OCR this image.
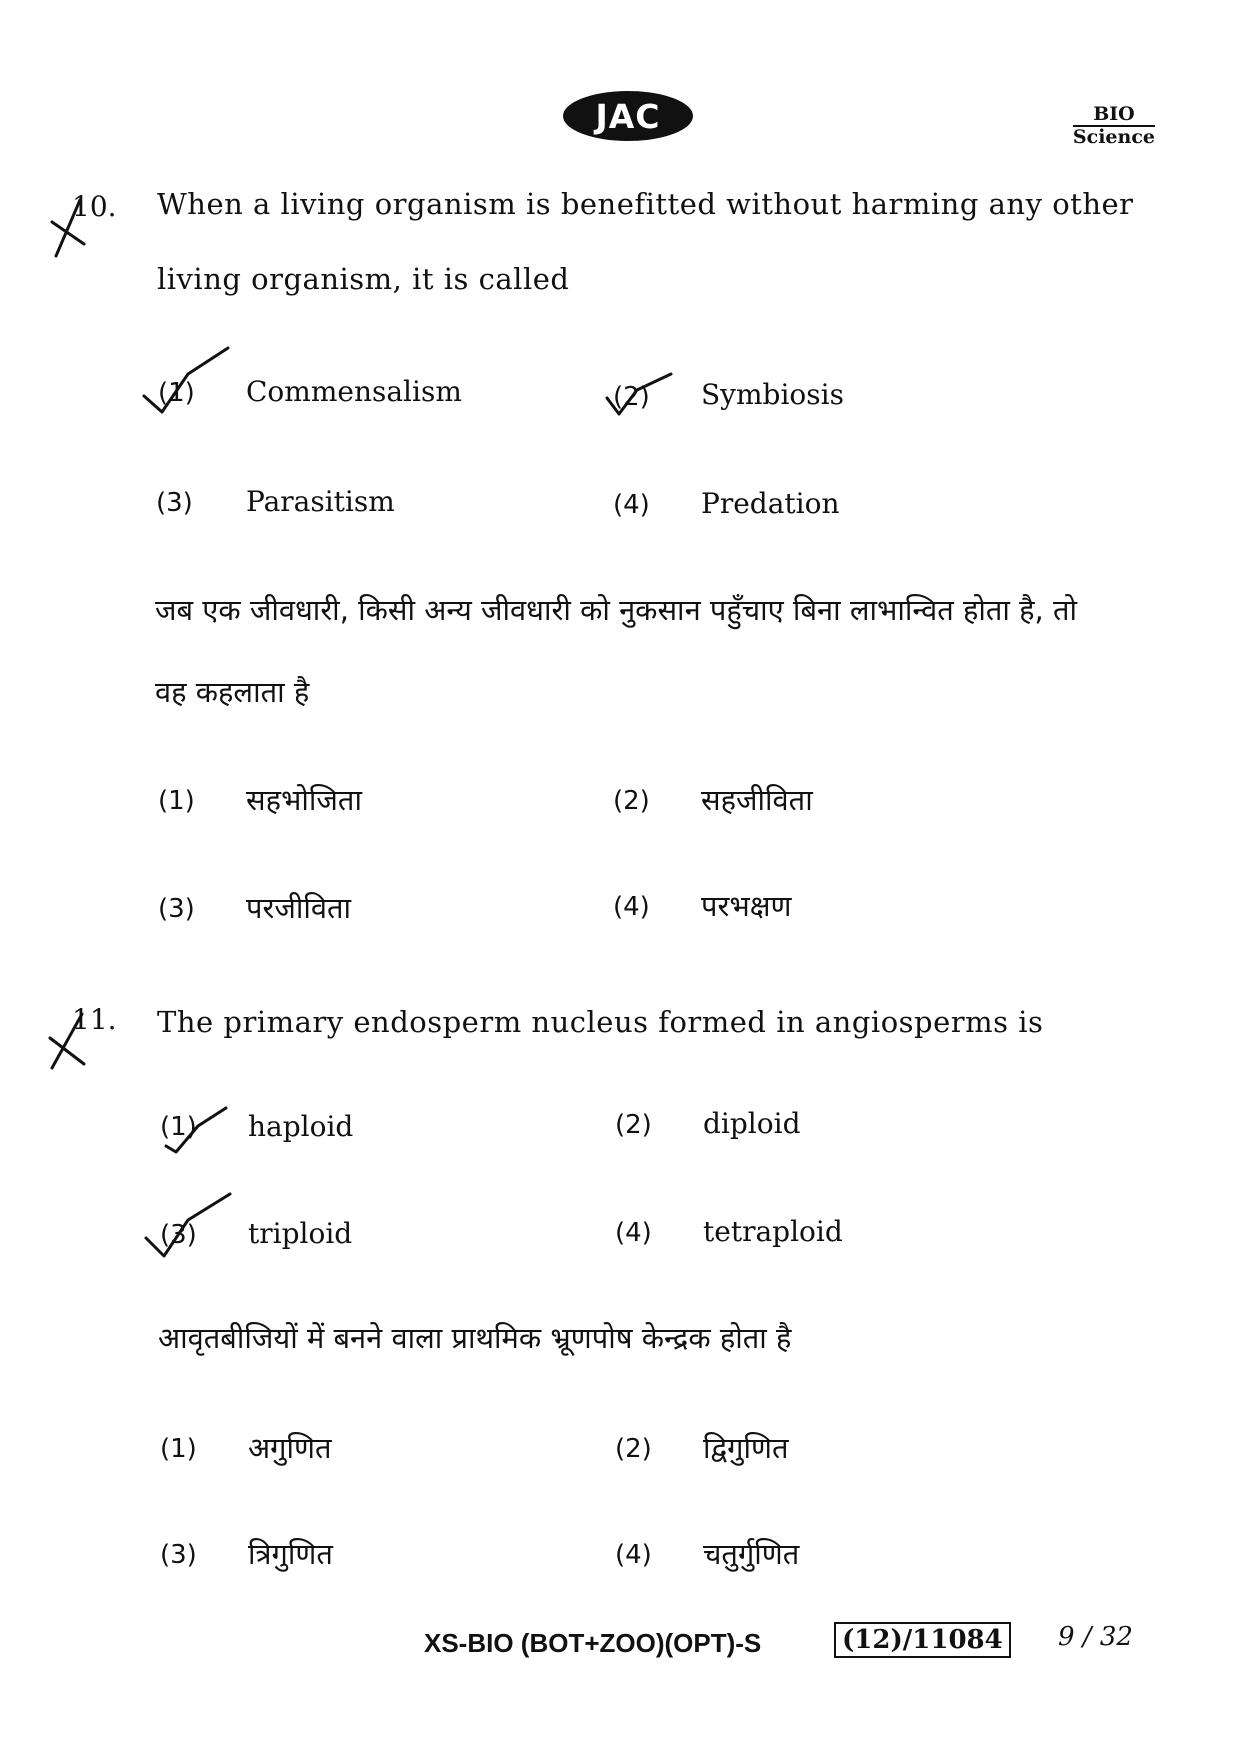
JAC	BIO
Science
10. When a living organism is benefitted without harming any other
living organism, it is called
(1) Commensalism	(2) Symbiosis
(3) Parasitism	(4) Predation
जब एक जीवधारी, किसी अन्य जीवधारी को नुकसान पहुँचाए बिना लाभान्वित होता है, तो
वह कहलाता है
(1) सहभोजिता	(2) सहजीविता
(3) परजीविता	(4) परभक्षण
11. The primary endosperm nucleus formed in angiosperms is
(1) haploid	(2) diploid
(3) triploid	(4) tetraploid
आवृतबीजियों में बनने वाला प्राथमिक भ्रूणपोष केन्द्रक होता है
(1) अगुणित	(2) द्विगुणित
(3) त्रिगुणित	(4) चतुर्गुणित
XS-BIO (BOT+ZOO)(OPT)-S	(12)/11084	9 / 32
